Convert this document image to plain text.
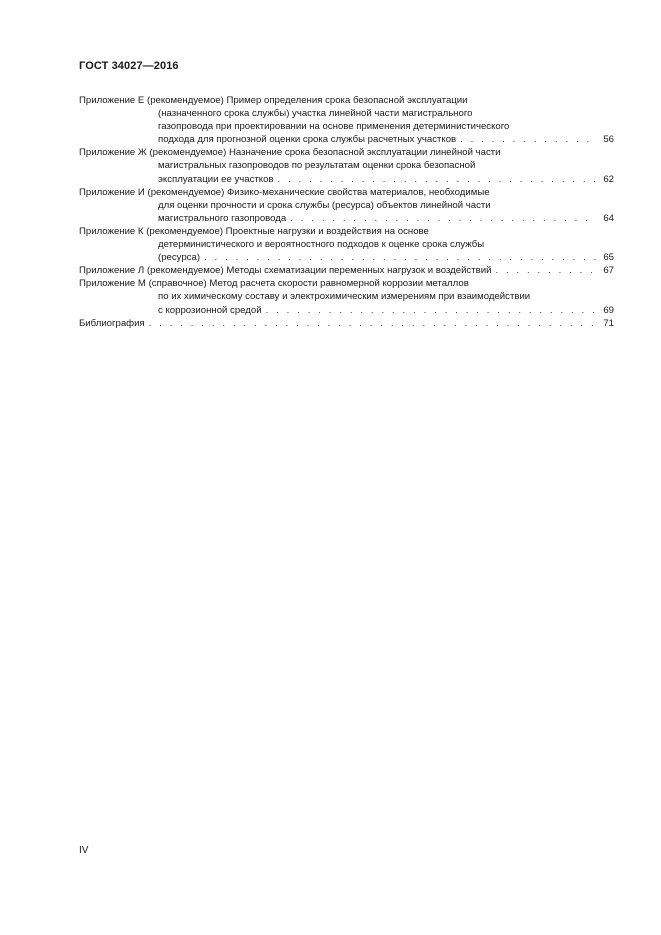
ГОСТ 34027—2016
Приложение Е (рекомендуемое) Пример определения срока безопасной эксплуатации
(назначенного срока службы) участка линейной части магистрального
газопровода при проектировании на основе применения детерминистического
подхода для прогнозной оценки срока службы расчетных участков . . .	56
Приложение Ж (рекомендуемое) Назначение срока безопасной эксплуатации линейной части
магистральных газопроводов по результатам оценки срока безопасной
эксплуатации ее участков . . .	62
Приложение И (рекомендуемое) Физико-механические свойства материалов, необходимые
для оценки прочности и срока службы (ресурса) объектов линейной части
магистрального газопровода . . .	64
Приложение К (рекомендуемое) Проектные нагрузки и воздействия на основе
детерминистического и вероятностного подходов к оценке срока службы
(ресурса) . . .	65
Приложение Л (рекомендуемое) Методы схематизации переменных нагрузок и воздействий . . .	67
Приложение М (справочное) Метод расчета скорости равномерной коррозии металлов
по их химическому составу и электрохимическим измерениям при взаимодействии
с коррозионной средой . . .	69
Библиография . . .	71
IV
